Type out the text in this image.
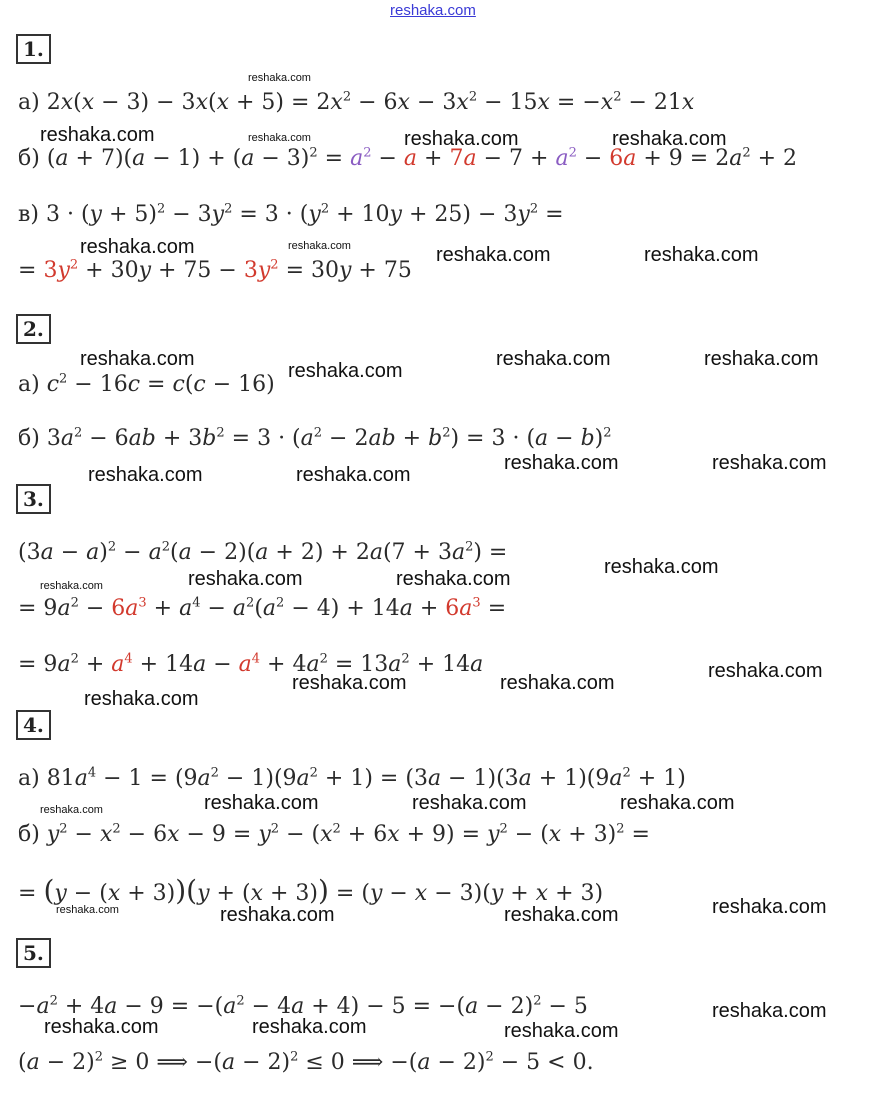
reshaka.com
1.
а) $2x(x - 3) - 3x(x + 5) = 2x^2 - 6x - 3x^2 - 15x = -x^2 - 21x$
б) $(a + 7)(a - 1) + (a - 3)^2 = a^2 - a + 7a - 7 + a^2 - 6a + 9 = 2a^2 + 2$
в) $3 \cdot (y + 5)^2 - 3y^2 = 3 \cdot (y^2 + 10y + 25) - 3y^2$ =
= $3y^2 + 30y + 75 - 3y^2 = 30y + 75$
2.
а) $c^2 - 16c = c(c - 16)$
б) $3a^2 - 6ab + 3b^2 = 3 \cdot (a^2 - 2ab + b^2) = 3 \cdot (a - b)^2$
3.
$(3a - a)^2 - a^2(a - 2)(a + 2) + 2a(7 + 3a^2)$ =
= $9a^2 - 6a^3 + a^4 - a^2(a^2 - 4) + 14a + 6a^3$ =
= $9a^2 + a^4 + 14a - a^4 + 4a^2 = 13a^2 + 14a$
4.
а) $81a^4 - 1 = (9a^2 - 1)(9a^2 + 1) = (3a - 1)(3a + 1)(9a^2 + 1)$
б) $y^2 - x^2 - 6x - 9 = y^2 - (x^2 + 6x + 9) = y^2 - (x + 3)^2$ =
= (y − (x + 3))(y + (x + 3)) = (y − x − 3)(y + x + 3)
5.
$-a^2 + 4a - 9 = -(a^2 - 4a + 4) - 5 = -(a - 2)^2 - 5$
$(a - 2)^2 \ge 0$ ⟹ $-(a - 2)^2 \le 0$ ⟹ $-(a - 2)^2 - 5 < 0$.
reshaka.com	reshaka.com	reshaka.com
reshaka.com	reshaka.com	reshaka.com
reshaka.com
reshaka.com
reshaka.com	reshaka.com
reshaka.com	reshaka.com
reshaka.com	reshaka.com
reshaka.com
reshaka.com	reshaka.com
reshaka.com
reshaka.com	reshaka.com
reshaka.com
reshaka.com	reshaka.com	reshaka.com
reshaka.com
reshaka.com	reshaka.com
reshaka.com
reshaka.com	reshaka.com	reshaka.com
reshaka.com
reshaka.com
reshaka.com
reshaka.com
reshaka.com
reshaka.com
